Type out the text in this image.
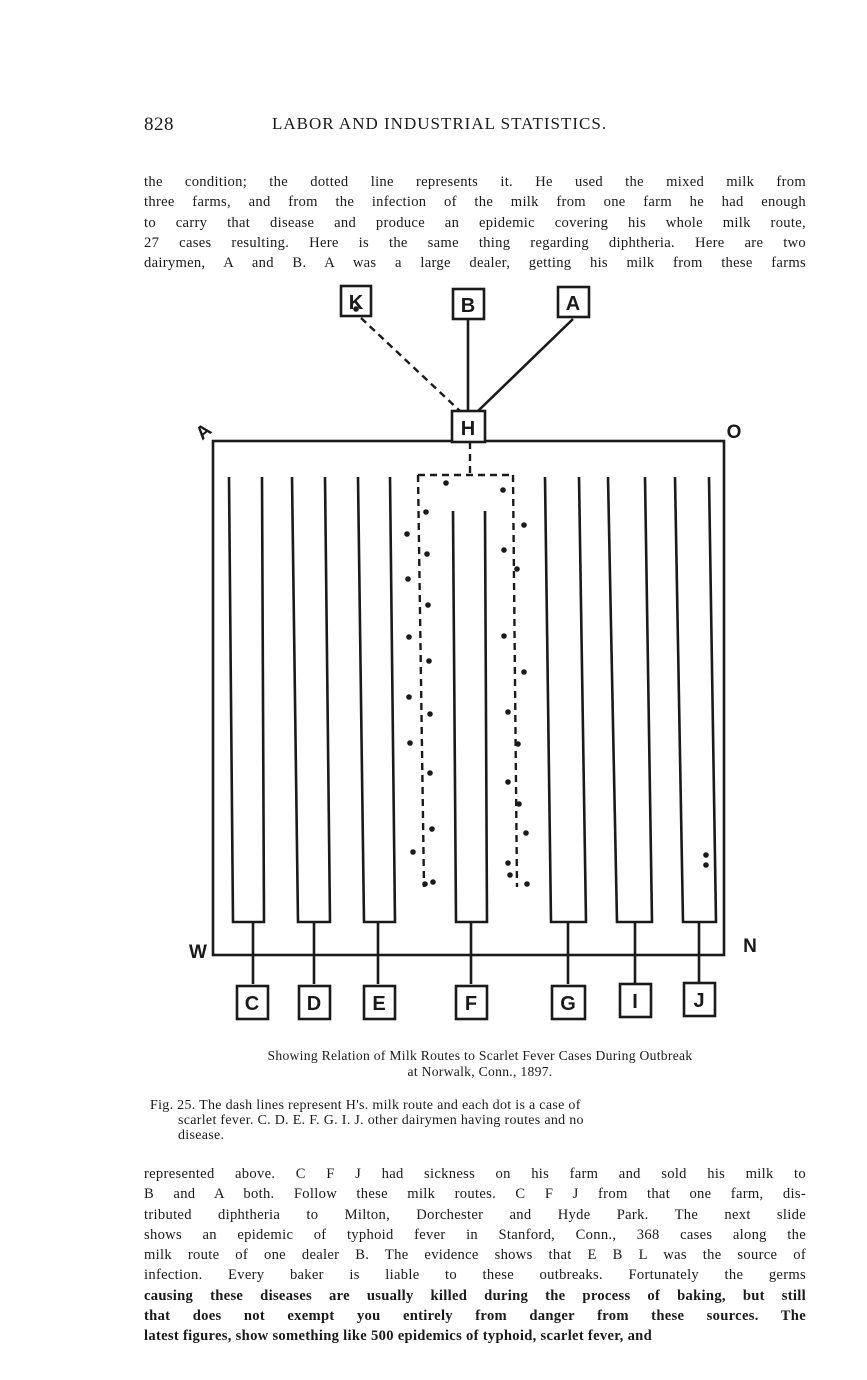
828	LABOR AND INDUSTRIAL STATISTICS.

the condition; the dotted line represents it. He used the mixed milk from
three farms, and from the infection of the milk from one farm he had enough
to carry that disease and produce an epidemic covering his whole milk route,
27 cases resulting. Here is the same thing regarding diphtheria. Here are two
dairymen, A and B. A was a large dealer, getting his milk from these farms

K	B	A
H
C D	E	F	G	I	J
A	O
W	N
Showing Relation of Milk Routes to Scarlet Fever Cases During Outbreak
at Norwalk, Conn., 1897.
Fig. 25. The dash lines represent H's. milk route and each dot is a case of
scarlet fever. C. D. E. F. G. I. J. other dairymen having routes and no
disease.

represented above. C F J had sickness on his farm and sold his milk to
B and A both. Follow these milk routes. C F J from that one farm, dis-
tributed diphtheria to Milton, Dorchester and Hyde Park. The next slide
shows an epidemic of typhoid fever in Stanford, Conn., 368 cases along the
milk route of one dealer B. The evidence shows that E B L was the source of
infection. Every baker is liable to these outbreaks. Fortunately the germs
causing these diseases are usually killed during the process of baking, but still
that does not exempt you entirely from danger from these sources. The
latest figures, show something like 500 epidemics of typhoid, scarlet fever, and
